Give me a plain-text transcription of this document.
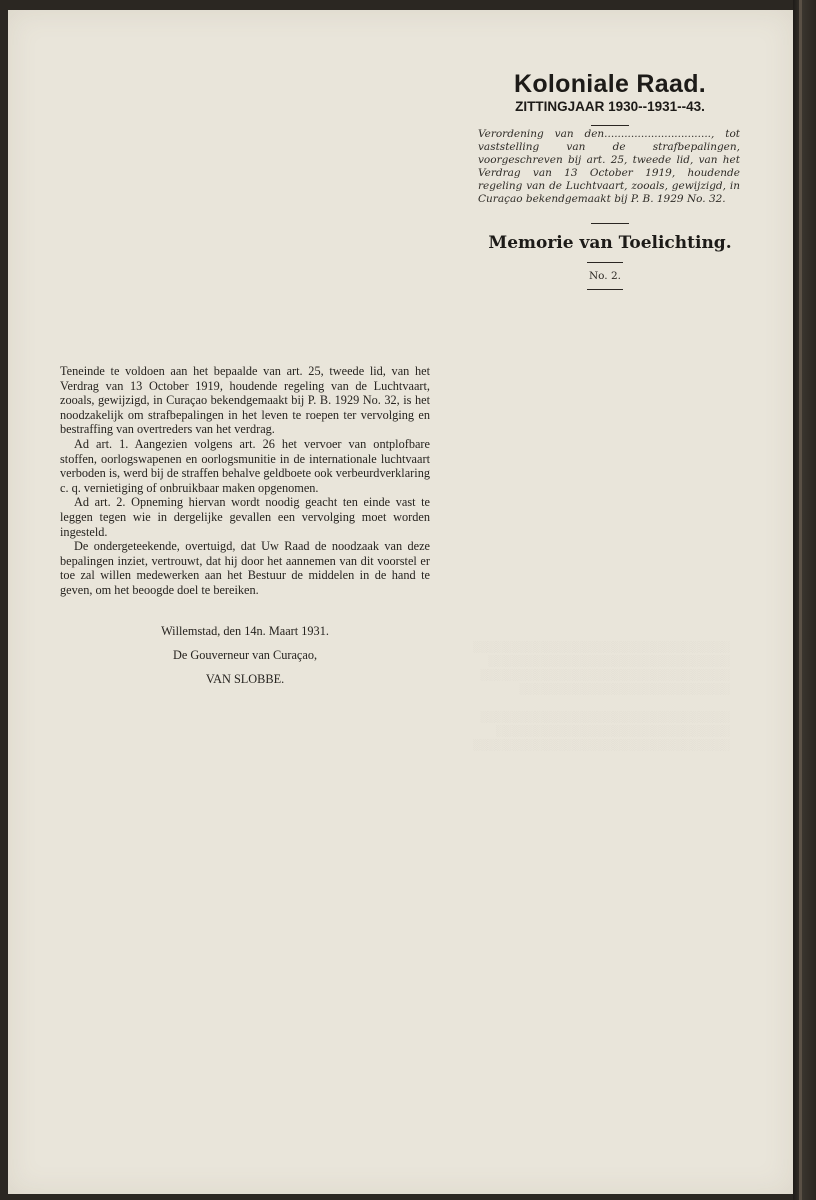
░░░░░░░░░░░░░░░░░░░░░░░░░░░░░░░░░
░░░░░░░░░░░░░░░░░░░░░░░░░░░░░░░
░░░░░░░░░░░░░░░░░░░░░░░░░░░░░░░░
░░░░░░░░░░░░░░░░░░░░░░░░░░░

░░░░░░░░░░░░░░░░░░░░░░░░░░░░░░░░
░░░░░░░░░░░░░░░░░░░░░░░░░░░░░░
░░░░░░░░░░░░░░░░░░░░░░░░░░░░░░░░░
Koloniale Raad.
ZITTINGJAAR 1930--1931--43.
Verordening van den................................, tot vaststelling van de strafbepalingen, voorgeschreven bij art. 25, tweede lid, van het Verdrag van 13 October 1919, houdende regeling van de Luchtvaart, zooals, gewijzigd, in Curaçao bekendgemaakt bij P. B. 1929 No. 32.
Memorie van Toelichting.
No. 2.

Teneinde te voldoen aan het bepaalde van art. 25, tweede lid, van het Verdrag van 13 October 1919, houdende regeling van de Luchtvaart, zooals, gewijzigd, in Curaçao bekendgemaakt bij P. B. 1929 No. 32, is het noodzakelijk om strafbepalingen in het leven te roepen ter vervolging en bestraffing van overtreders van het verdrag.

Ad art. 1. Aangezien volgens art. 26 het vervoer van ontplofbare stoffen, oorlogswapenen en oorlogsmunitie in de internationale luchtvaart verboden is, werd bij de straffen behalve geldboete ook verbeurdverklaring c. q. vernietiging of onbruikbaar maken opgenomen.

Ad art. 2. Opneming hiervan wordt noodig geacht ten einde vast te leggen tegen wie in dergelijke gevallen een vervolging moet worden ingesteld.

De ondergeteekende, overtuigd, dat Uw Raad de noodzaak van deze bepalingen inziet, vertrouwt, dat hij door het aannemen van dit voorstel er toe zal willen medewerken aan het Bestuur de middelen in de hand te geven, om het beoogde doel te bereiken.

Willemstad, den 14n. Maart 1931.
De Gouverneur van Curaçao,
VAN SLOBBE.
